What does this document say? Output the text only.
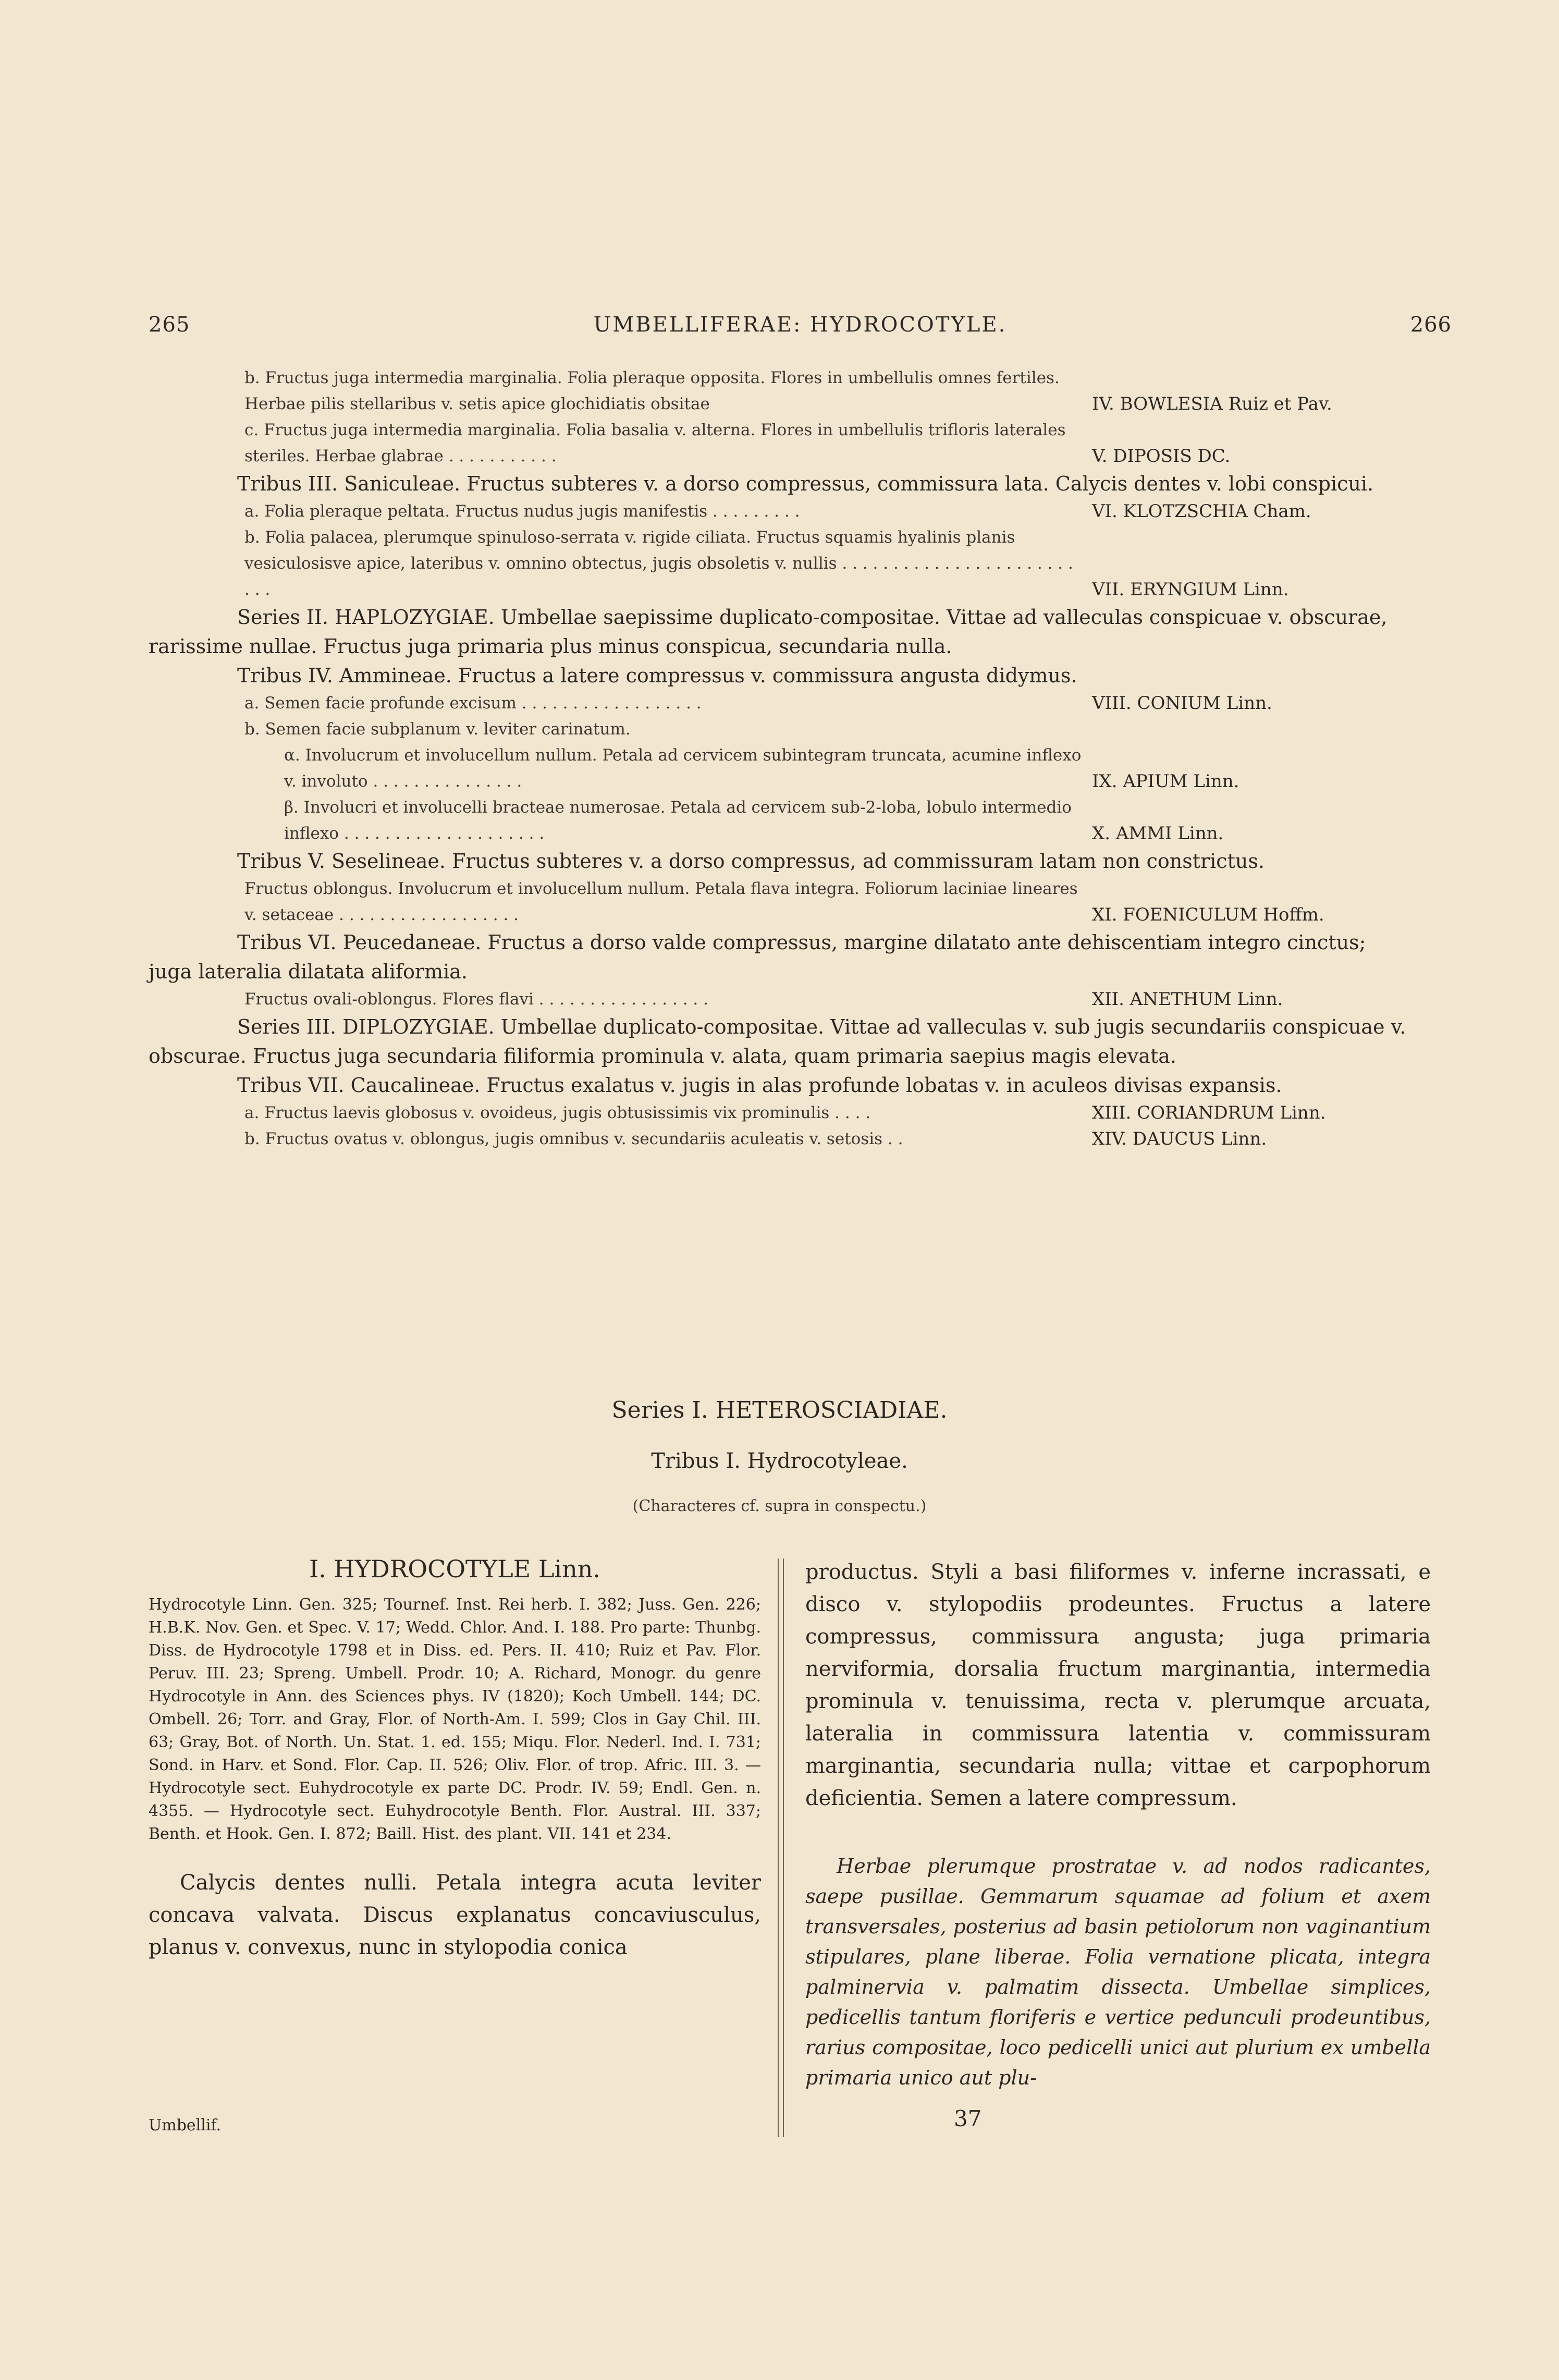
265	UMBELLIFERAE: HYDROCOTYLE.	266
b. Fructus juga intermedia marginalia. Folia pleraque opposita. Flores in umbellulis omnes fertiles. Herbae pilis stellaribus v. setis apice glochidiatis obsitae	IV. BOWLESIA Ruiz et Pav.
c. Fructus juga intermedia marginalia. Folia basalia v. alterna. Flores in umbellulis trifloris laterales steriles. Herbae glabrae . . . . . . . . . . .	V. DIPOSIS DC.
Tribus III. Saniculeae. Fructus subteres v. a dorso compressus, commissura lata. Calycis dentes v. lobi conspicui.
a. Folia pleraque peltata. Fructus nudus jugis manifestis . . . . . . . . .	VI. KLOTZSCHIA Cham.
b. Folia palacea, plerumque spinuloso-serrata v. rigide ciliata. Fructus squamis hyalinis planis vesiculosisve apice, lateribus v. omnino obtectus, jugis obsoletis v. nullis . . . . . . . . . . . . . . . . . . . . . . . . . .	VII. ERYNGIUM Linn.
Series II. HAPLOZYGIAE. Umbellae saepissime duplicato-compositae. Vittae ad valleculas conspicuae v. obscurae, rarissime nullae. Fructus juga primaria plus minus conspicua, secundaria nulla.
Tribus IV. Ammineae. Fructus a latere compressus v. commissura angusta didymus.
a. Semen facie profunde excisum . . . . . . . . . . . . . . . . . .	VIII. CONIUM Linn.
b. Semen facie subplanum v. leviter carinatum.
α. Involucrum et involucellum nullum. Petala ad cervicem subintegram truncata, acumine inflexo v. involuto . . . . . . . . . . . . . . .	IX. APIUM Linn.
β. Involucri et involucelli bracteae numerosae. Petala ad cervicem sub-2-loba, lobulo intermedio inflexo . . . . . . . . . . . . . . . . . . . .	X. AMMI Linn.
Tribus V. Seselineae. Fructus subteres v. a dorso compressus, ad commissuram latam non constrictus.
Fructus oblongus. Involucrum et involucellum nullum. Petala flava integra. Foliorum laciniae lineares v. setaceae . . . . . . . . . . . . . . . . . .	XI. FOENICULUM Hoffm.
Tribus VI. Peucedaneae. Fructus a dorso valde compressus, margine dilatato ante dehiscentiam integro cinctus; juga lateralia dilatata aliformia.
Fructus ovali-oblongus. Flores flavi . . . . . . . . . . . . . . . . .	XII. ANETHUM Linn.
Series III. DIPLOZYGIAE. Umbellae duplicato-compositae. Vittae ad valleculas v. sub jugis secundariis conspicuae v. obscurae. Fructus juga secundaria filiformia prominula v. alata, quam primaria saepius magis elevata.
Tribus VII. Caucalineae. Fructus exalatus v. jugis in alas profunde lobatas v. in aculeos divisas expansis.
a. Fructus laevis globosus v. ovoideus, jugis obtusissimis vix prominulis . . . .	XIII. CORIANDRUM Linn.
b. Fructus ovatus v. oblongus, jugis omnibus v. secundariis aculeatis v. setosis . .	XIV. DAUCUS Linn.
Series I. HETEROSCIADIAE.
Tribus I. Hydrocotyleae.
(Characteres cf. supra in conspectu.)
I. HYDROCOTYLE Linn.
Hydrocotyle Linn. Gen. 325; Tournef. Inst. Rei herb. I. 382; Juss. Gen. 226; H.B.K. Nov. Gen. et Spec. V. 17; Wedd. Chlor. And. I. 188. Pro parte: Thunbg. Diss. de Hydrocotyle 1798 et in Diss. ed. Pers. II. 410; Ruiz et Pav. Flor. Peruv. III. 23; Spreng. Umbell. Prodr. 10; A. Richard, Monogr. du genre Hydrocotyle in Ann. des Sciences phys. IV (1820); Koch Umbell. 144; DC. Ombell. 26; Torr. and Gray, Flor. of North-Am. I. 599; Clos in Gay Chil. III. 63; Gray, Bot. of North. Un. Stat. 1. ed. 155; Miqu. Flor. Nederl. Ind. I. 731; Sond. in Harv. et Sond. Flor. Cap. II. 526; Oliv. Flor. of trop. Afric. III. 3. — Hydrocotyle sect. Euhydrocotyle ex parte DC. Prodr. IV. 59; Endl. Gen. n. 4355. — Hydrocotyle sect. Euhydrocotyle Benth. Flor. Austral. III. 337; Benth. et Hook. Gen. I. 872; Baill. Hist. des plant. VII. 141 et 234.
Calycis dentes nulli. Petala integra acuta leviter concava valvata. Discus explanatus concaviusculus, planus v. convexus, nunc in stylopodia conica
productus. Styli a basi filiformes v. inferne incrassati, e disco v. stylopodiis prodeuntes. Fructus a latere compressus, commissura angusta; juga primaria nerviformia, dorsalia fructum marginantia, intermedia prominula v. tenuissima, recta v. plerumque arcuata, lateralia in commissura latentia v. commissuram marginantia, secundaria nulla; vittae et carpophorum deficientia. Semen a latere compressum.
Herbae plerumque prostratae v. ad nodos radicantes, saepe pusillae. Gemmarum squamae ad folium et axem transversales, posterius ad basin petiolorum non vaginantium stipulares, plane liberae. Folia vernatione plicata, integra palminervia v. palmatim dissecta. Umbellae simplices, pedicellis tantum floriferis e vertice pedunculi prodeuntibus, rarius compositae, loco pedicelli unici aut plurium ex umbella primaria unico aut plu-
Umbellif.	37
